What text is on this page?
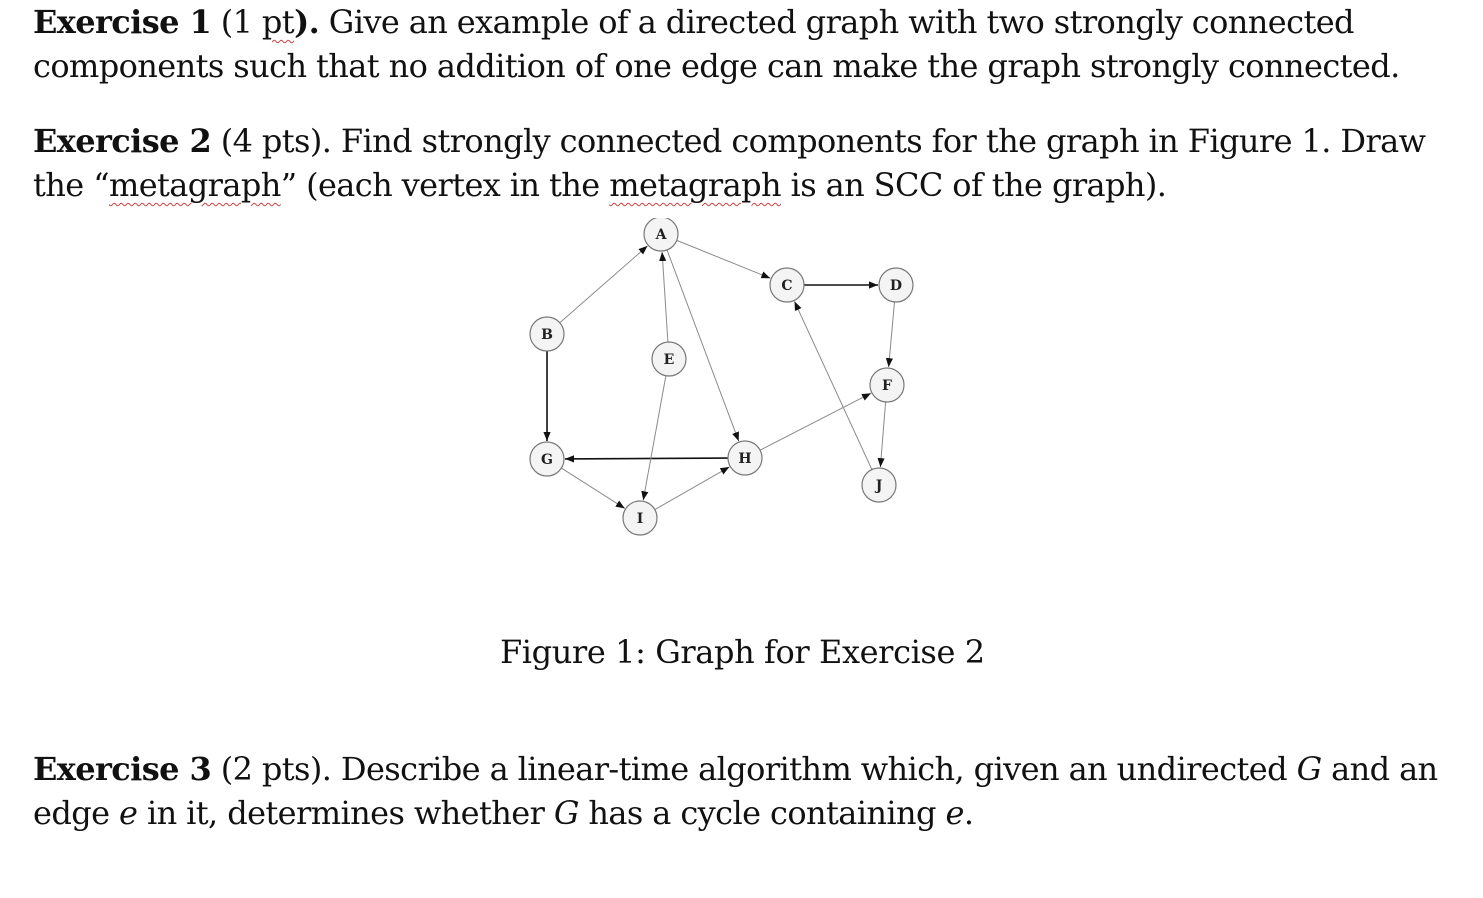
Exercise 1 (1 pt). Give an example of a directed graph with two strongly connected components such that no addition of one edge can make the graph strongly connected.

Exercise 2 (4 pts). Find strongly connected components for the graph in Figure 1. Draw the “metagraph” (each vertex in the metagraph is an SCC of the graph).

A
B
C	D
E
F
G	H
I
J

Figure 1: Graph for Exercise 2

Exercise 3 (2 pts). Describe a linear-time algorithm which, given an undirected G and an edge e in it, determines whether G has a cycle containing e.
